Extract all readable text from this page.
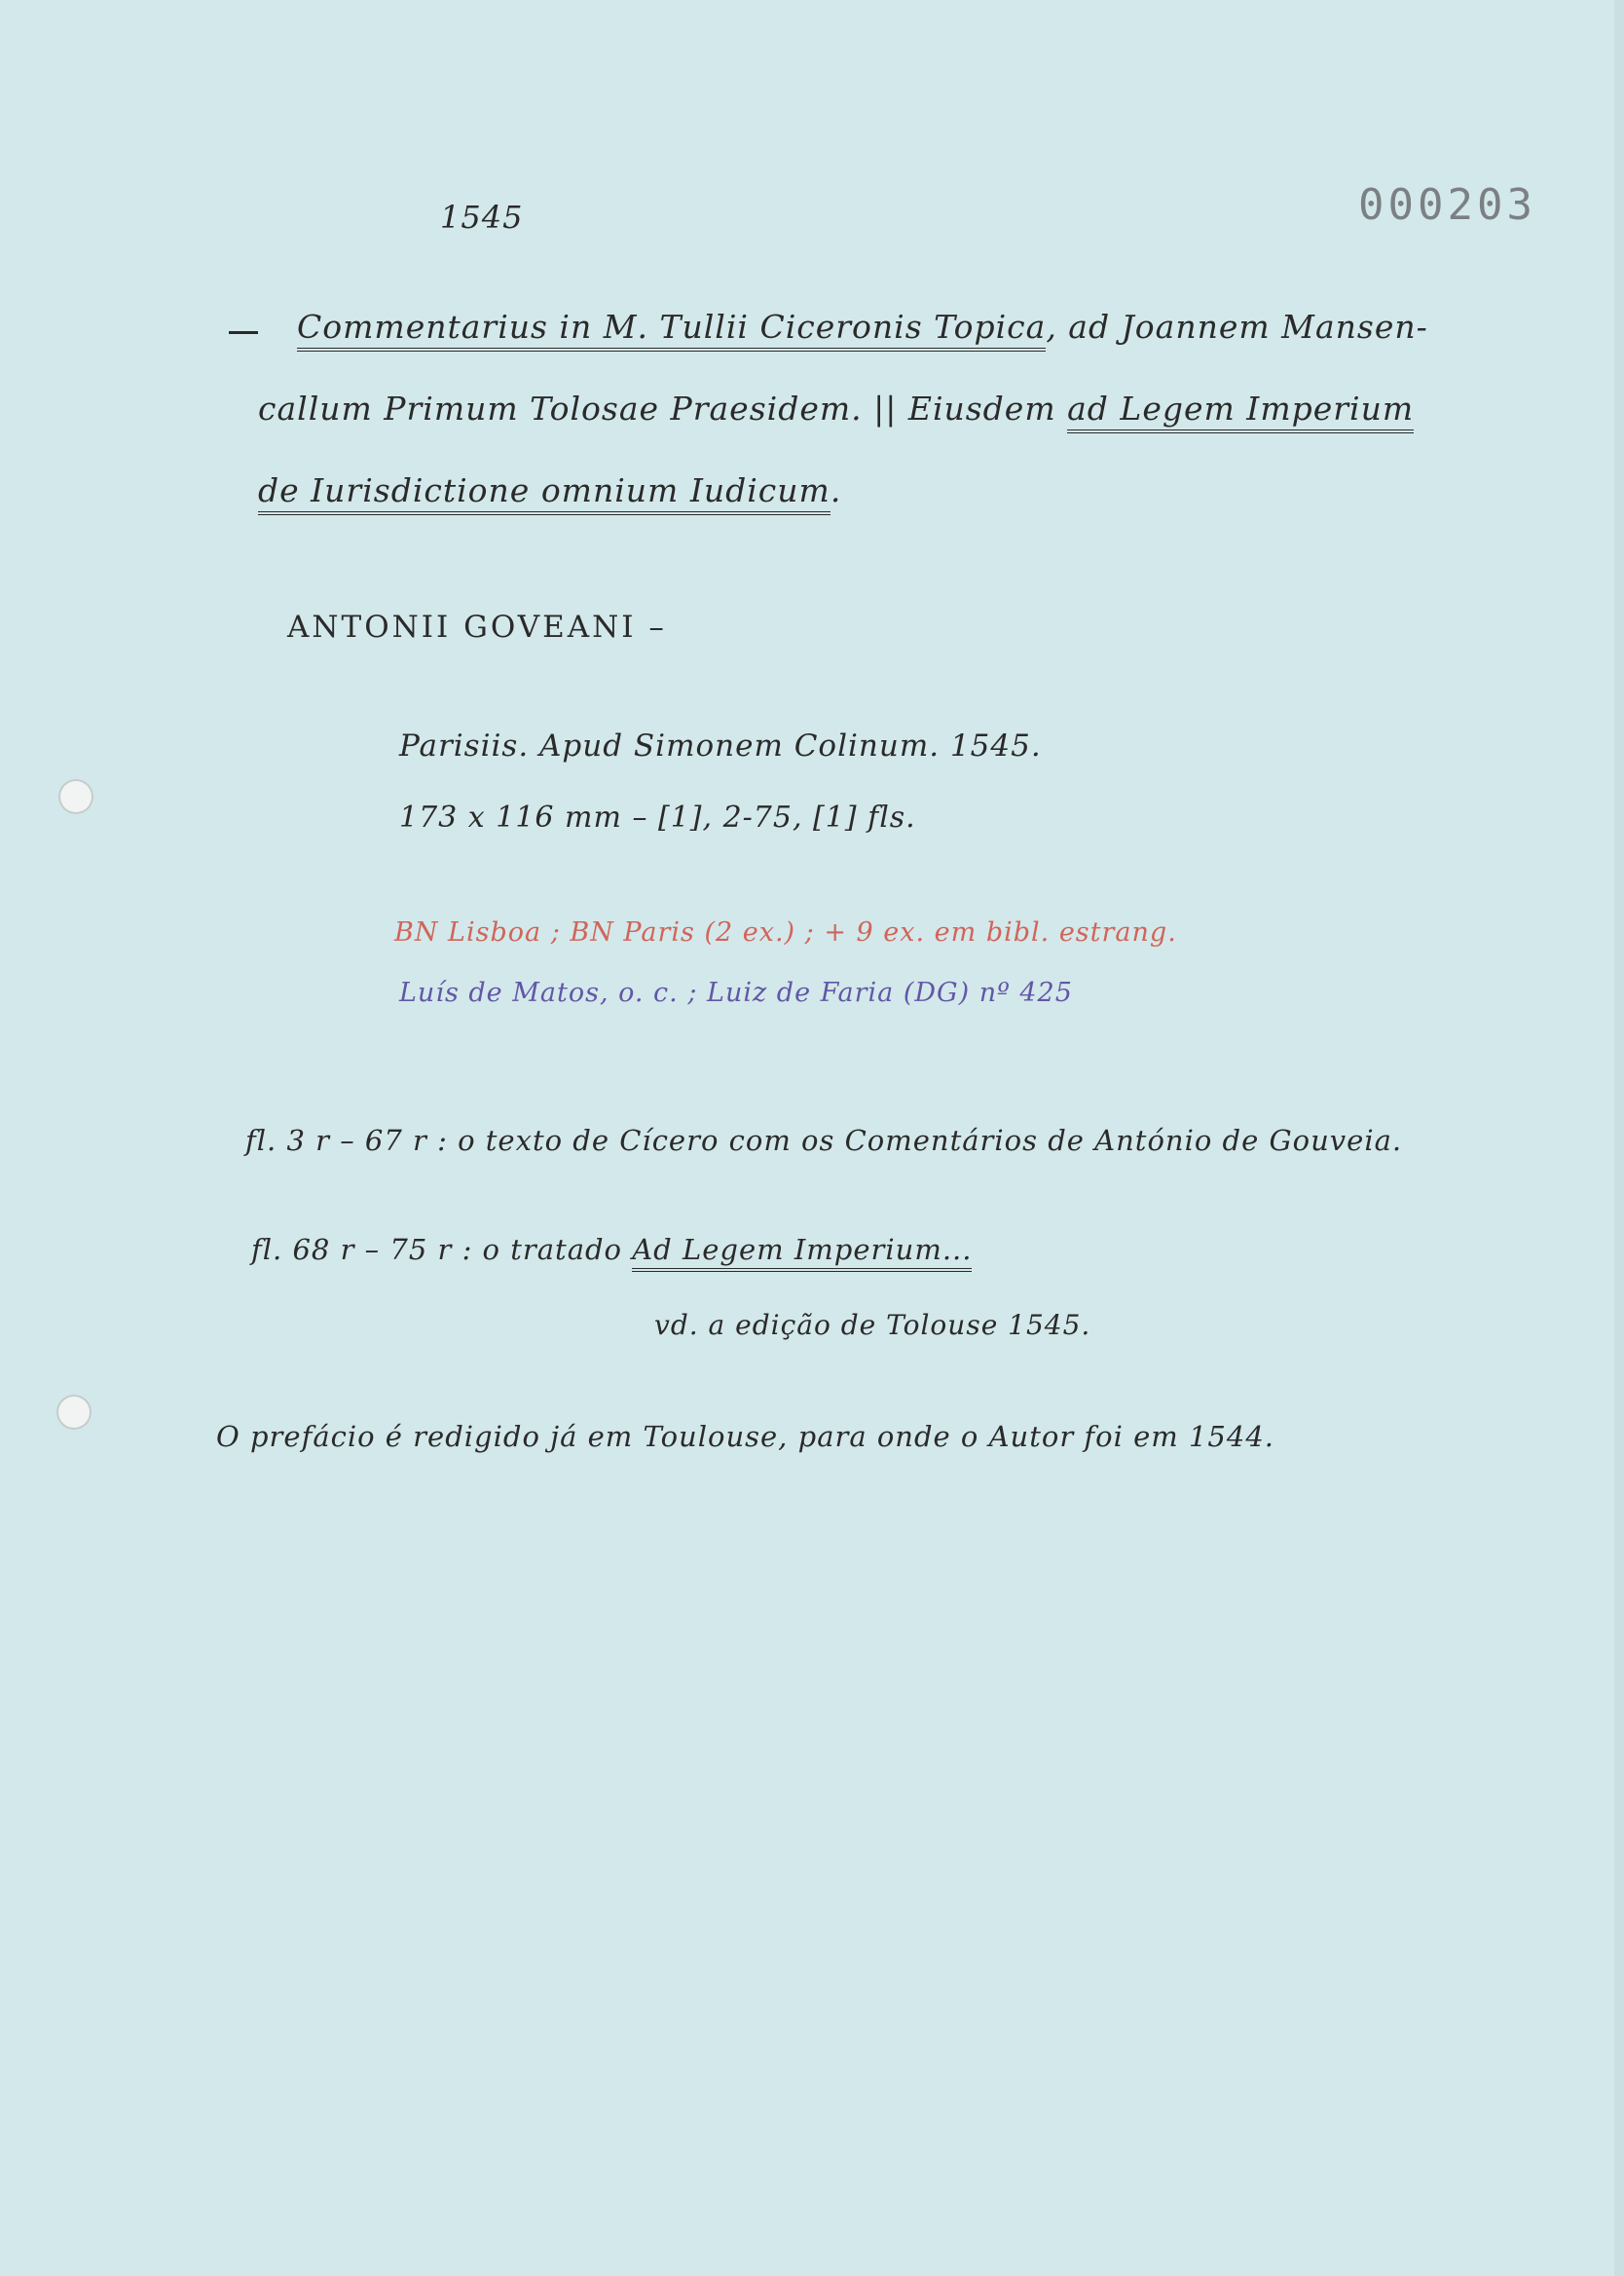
000203
1545
Commentarius in M. Tullii Ciceronis Topica, ad Joannem Mansen-
callum Primum Tolosae Praesidem. || Eiusdem ad Legem Imperium
de Iurisdictione omnium Iudicum.
ANTONII GOVEANI –
Parisiis. Apud Simonem Colinum. 1545.
173 x 116 mm – [1], 2-75, [1] fls.
BN Lisboa ; BN Paris (2 ex.) ; + 9 ex. em bibl. estrang.
Luís de Matos, o. c. ; Luiz de Faria (DG) nº 425
fl. 3 r – 67 r : o texto de Cícero com os Comentários de António de Gouveia.
fl. 68 r – 75 r : o tratado Ad Legem Imperium...
vd. a edição de Tolouse 1545.
O prefácio é redigido já em Toulouse, para onde o Autor foi em 1544.
